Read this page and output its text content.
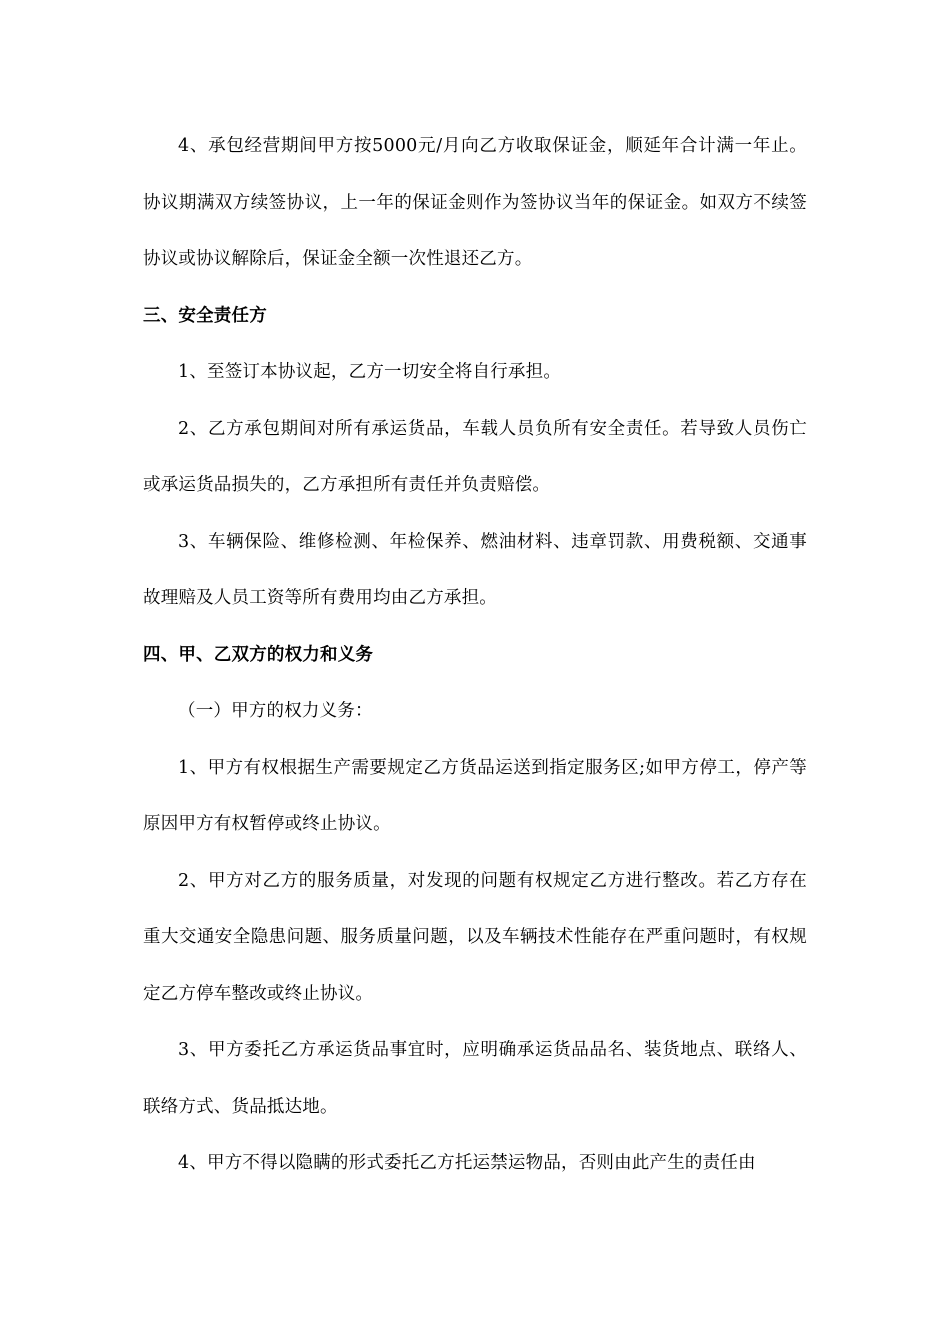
4、承包经营期间甲方按5000元/月向乙方收取保证金，顺延年合计满一年止。协议期满双方续签协议，上一年的保证金则作为签协议当年的保证金。如双方不续签协议或协议解除后，保证金全额一次性退还乙方。

三、安全责任方

1、至签订本协议起，乙方一切安全将自行承担。

2、乙方承包期间对所有承运货品，车载人员负所有安全责任。若导致人员伤亡或承运货品损失的，乙方承担所有责任并负责赔偿。

3、车辆保险、维修检测、年检保养、燃油材料、违章罚款、用费税额、交通事故理赔及人员工资等所有费用均由乙方承担。

四、甲、乙双方的权力和义务

（一）甲方的权力义务：

1、甲方有权根据生产需要规定乙方货品运送到指定服务区;如甲方停工，停产等原因甲方有权暂停或终止协议。

2、甲方对乙方的服务质量，对发现的问题有权规定乙方进行整改。若乙方存在重大交通安全隐患问题、服务质量问题，以及车辆技术性能存在严重问题时，有权规定乙方停车整改或终止协议。

3、甲方委托乙方承运货品事宜时，应明确承运货品品名、装货地点、联络人、联络方式、货品抵达地。

4、甲方不得以隐瞒的形式委托乙方托运禁运物品，否则由此产生的责任由
